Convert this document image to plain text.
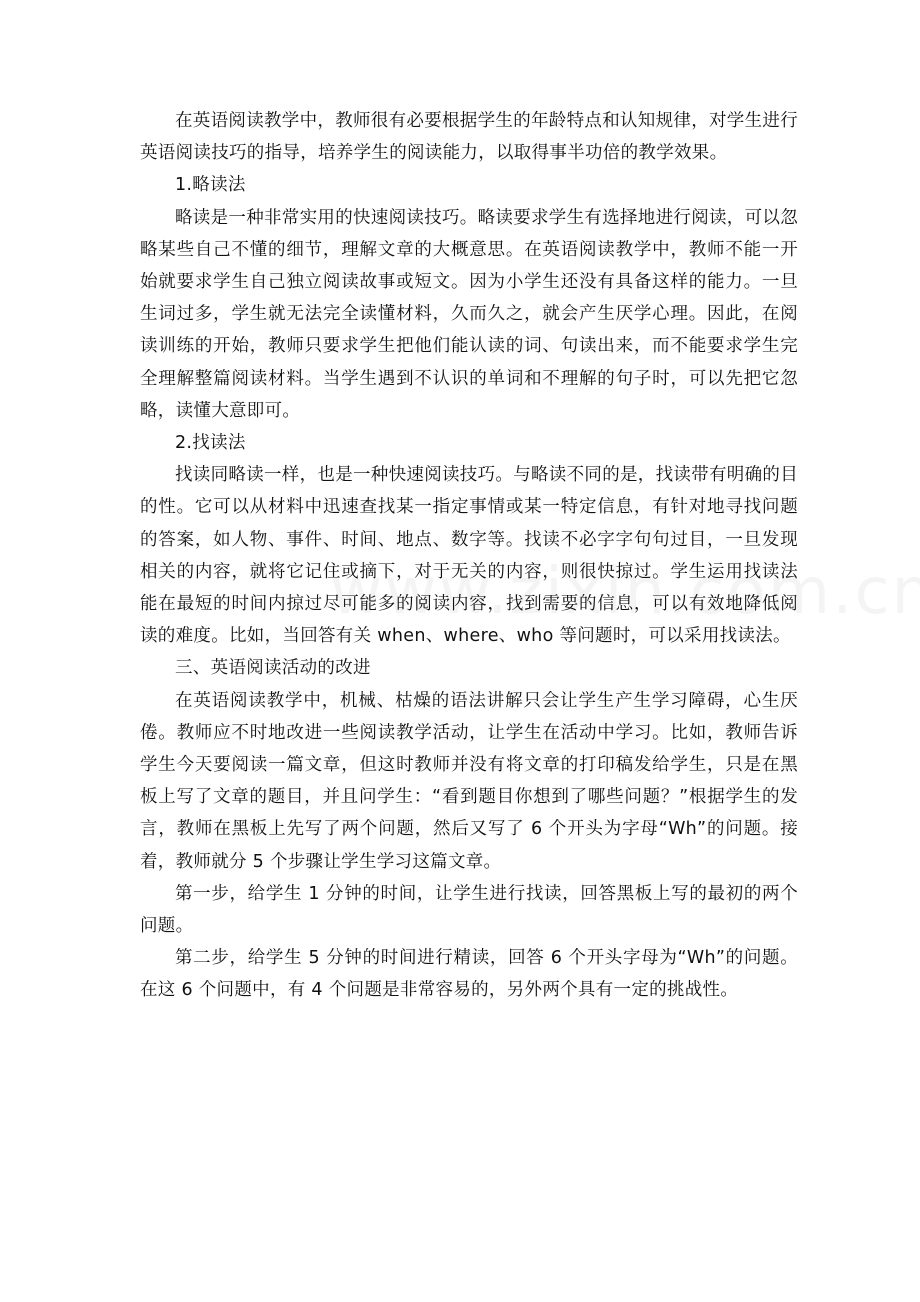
在英语阅读教学中，教师很有必要根据学生的年龄特点和认知规律，对学生进行英语阅读技巧的指导，培养学生的阅读能力，以取得事半功倍的教学效果。

1.略读法

略读是一种非常实用的快速阅读技巧。略读要求学生有选择地进行阅读，可以忽略某些自己不懂的细节，理解文章的大概意思。在英语阅读教学中，教师不能一开始就要求学生自己独立阅读故事或短文。因为小学生还没有具备这样的能力。一旦生词过多，学生就无法完全读懂材料，久而久之，就会产生厌学心理。因此，在阅读训练的开始，教师只要求学生把他们能认读的词、句读出来，而不能要求学生完全理解整篇阅读材料。当学生遇到不认识的单词和不理解的句子时，可以先把它忽略，读懂大意即可。

2.找读法

找读同略读一样，也是一种快速阅读技巧。与略读不同的是，找读带有明确的目的性。它可以从材料中迅速查找某一指定事情或某一特定信息，有针对地寻找问题的答案，如人物、事件、时间、地点、数字等。找读不必字字句句过目，一旦发现相关的内容，就将它记住或摘下，对于无关的内容，则很快掠过。学生运用找读法能在最短的时间内掠过尽可能多的阅读内容，找到需要的信息，可以有效地降低阅读的难度。比如，当回答有关 when、where、who 等问题时，可以采用找读法。

三、英语阅读活动的改进

在英语阅读教学中，机械、枯燥的语法讲解只会让学生产生学习障碍，心生厌倦。教师应不时地改进一些阅读教学活动，让学生在活动中学习。比如，教师告诉学生今天要阅读一篇文章，但这时教师并没有将文章的打印稿发给学生，只是在黑板上写了文章的题目，并且问学生：“看到题目你想到了哪些问题？”根据学生的发言，教师在黑板上先写了两个问题，然后又写了 6 个开头为字母“Wh”的问题。接着，教师就分 5 个步骤让学生学习这篇文章。

第一步，给学生 1 分钟的时间，让学生进行找读，回答黑板上写的最初的两个问题。

第二步，给学生 5 分钟的时间进行精读，回答 6 个开头字母为“Wh”的问题。在这 6 个问题中，有 4 个问题是非常容易的，另外两个具有一定的挑战性。
